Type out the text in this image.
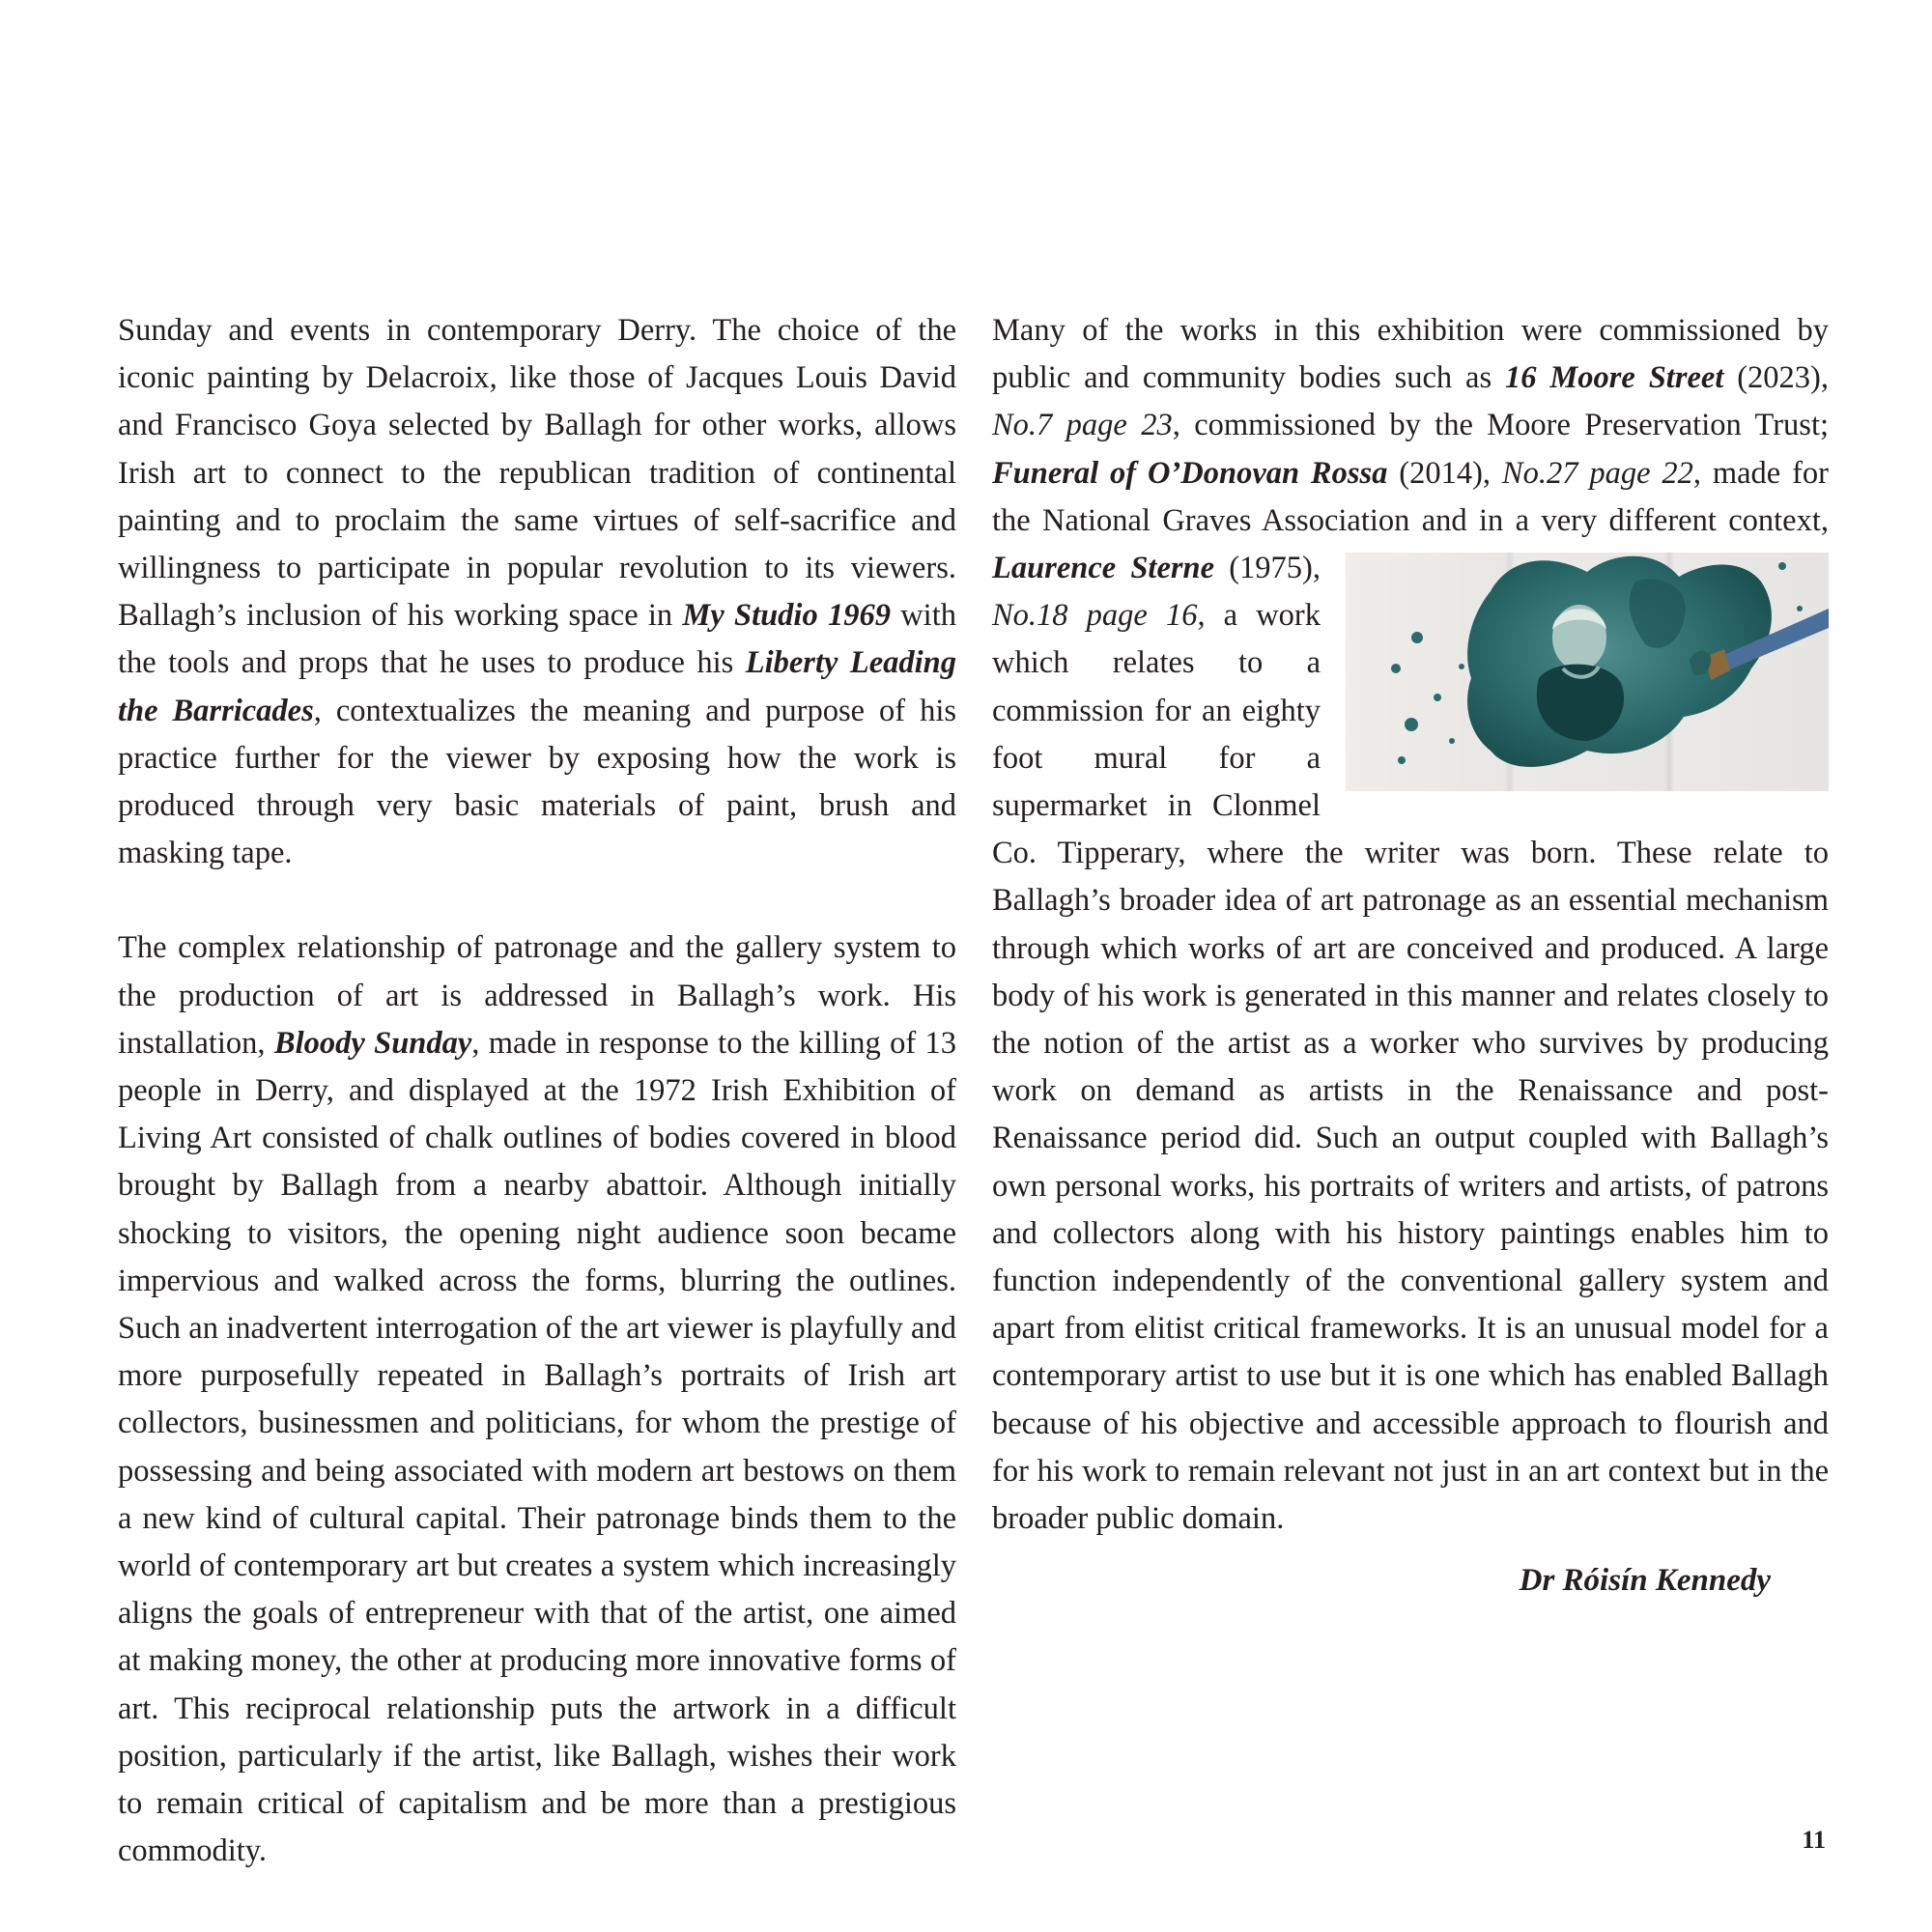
Sunday and events in contemporary Derry. The choice of the iconic painting by Delacroix, like those of Jacques Louis David and Francisco Goya selected by Ballagh for other works, allows Irish art to connect to the republican tradition of continental painting and to proclaim the same virtues of self-sacrifice and willingness to participate in popular revolution to its viewers. Ballagh’s inclusion of his working space in My Studio 1969 with the tools and props that he uses to produce his Liberty Leading the Barricades, contextualizes the meaning and purpose of his practice further for the viewer by exposing how the work is produced through very basic materials of paint, brush and masking tape.

The complex relationship of patronage and the gallery system to the production of art is addressed in Ballagh’s work. His installation, Bloody Sunday, made in response to the killing of 13 people in Derry, and displayed at the 1972 Irish Exhibition of Living Art consisted of chalk outlines of bodies covered in blood brought by Ballagh from a nearby abattoir. Although initially shocking to visitors, the opening night audience soon became impervious and walked across the forms, blurring the outlines. Such an inadvertent interrogation of the art viewer is playfully and more purposefully repeated in Ballagh’s portraits of Irish art collectors, businessmen and politicians, for whom the prestige of possessing and being associated with modern art bestows on them a new kind of cultural capital. Their patronage binds them to the world of contemporary art but creates a system which increasingly aligns the goals of entrepreneur with that of the artist, one aimed at making money, the other at producing more innovative forms of art. This reciprocal relationship puts the artwork in a difficult position, particularly if the artist, like Ballagh, wishes their work to remain critical of capitalism and be more than a prestigious commodity.

Many of the works in this exhibition were commissioned by public and community bodies such as 16 Moore Street (2023), No.7 page 23, commissioned by the Moore Preservation Trust; Funeral of O’Donovan Rossa (2014), No.27 page 22, made for the National Graves Association and in a very different context, Laurence Sterne
(1975), No.18 page 16, a work which relates to a commission for an eighty foot mural for a supermarket in Clonmel Co. Tipperary, where the writer was born. These relate to Ballagh’s broader idea of art patronage as an essential mechanism through which works of art are conceived and produced. A large body of his work is generated in this manner and relates closely to the notion of the artist as a worker who survives by producing work on demand as artists in the Renaissance and post-Renaissance period did. Such an output coupled with Ballagh’s own personal works, his portraits of writers and artists, of patrons and collectors along with his history paintings enables him to function independently of the conventional gallery system and apart from elitist critical frameworks. It is an unusual model for a contemporary artist to use but it is one which has enabled Ballagh because of his objective and accessible approach to flourish and for his work to remain relevant not just in an art context but in the broader public domain.

Dr Róisín Kennedy
11
